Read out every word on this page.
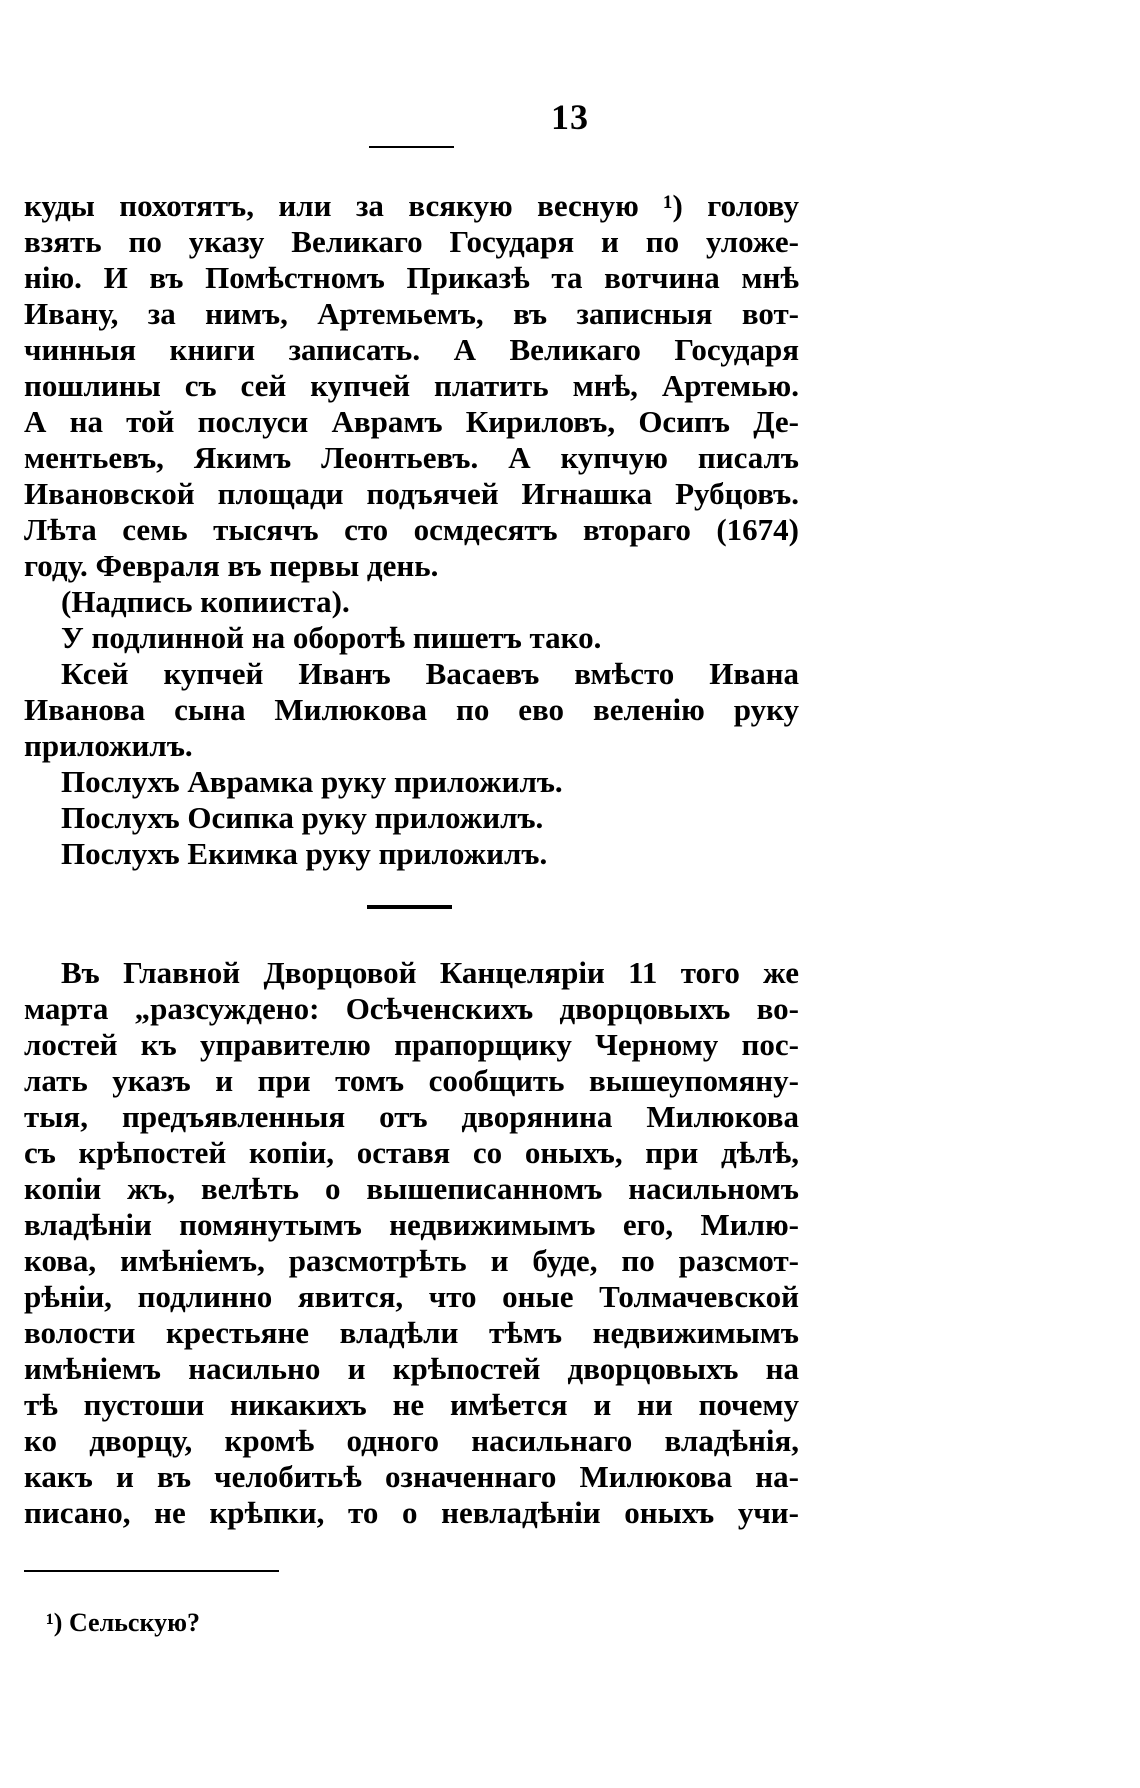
13
куды похотятъ, или за всякую весную ¹) голову
взять по указу Великаго Государя и по уложе-
нію. И въ Помѣстномъ Приказѣ та вотчина мнѣ
Ивану, за нимъ, Артемьемъ, въ записныя вот-
чинныя книги записать. А Великаго Государя
пошлины съ сей купчей платить мнѣ, Артемью.
А на той послуси Аврамъ Кириловъ, Осипъ Де-
ментьевъ, Якимъ Леонтьевъ. А купчую писалъ
Ивановской площади подъячей Игнашка Рубцовъ.
Лѣта семь тысячъ сто осмдесятъ втораго (1674)
году. Февраля въ первы день.
(Надпись копииста).
У подлинной на оборотѣ пишетъ тако.
Ксей купчей Иванъ Васаевъ вмѣсто Ивана
Иванова сына Милюкова по ево веленію руку
приложилъ.
Послухъ Аврамка руку приложилъ.
Послухъ Осипка руку приложилъ.
Послухъ Екимка руку приложилъ.
Въ Главной Дворцовой Канцеляріи 11 того же
марта „разсуждено: Осѣченскихъ дворцовыхъ во-
лостей къ управителю прапорщику Черному пос-
лать указъ и при томъ сообщить вышеупомяну-
тыя, предъявленныя отъ дворянина Милюкова
съ крѣпостей копіи, оставя со оныхъ, при дѣлѣ,
копіи жъ, велѣть о вышеписанномъ насильномъ
владѣніи помянутымъ недвижимымъ его, Милю-
кова, имѣніемъ, разсмотрѣть и буде, по разсмот-
рѣніи, подлинно явится, что оные Толмачевской
волости крестьяне владѣли тѣмъ недвижимымъ
имѣніемъ насильно и крѣпостей дворцовыхъ на
тѣ пустоши никакихъ не имѣется и ни почему
ко дворцу, кромѣ одного насильнаго владѣнія,
какъ и въ челобитьѣ означеннаго Милюкова на-
писано, не крѣпки, то о невладѣніи оныхъ учи-
¹) Сельскую?
